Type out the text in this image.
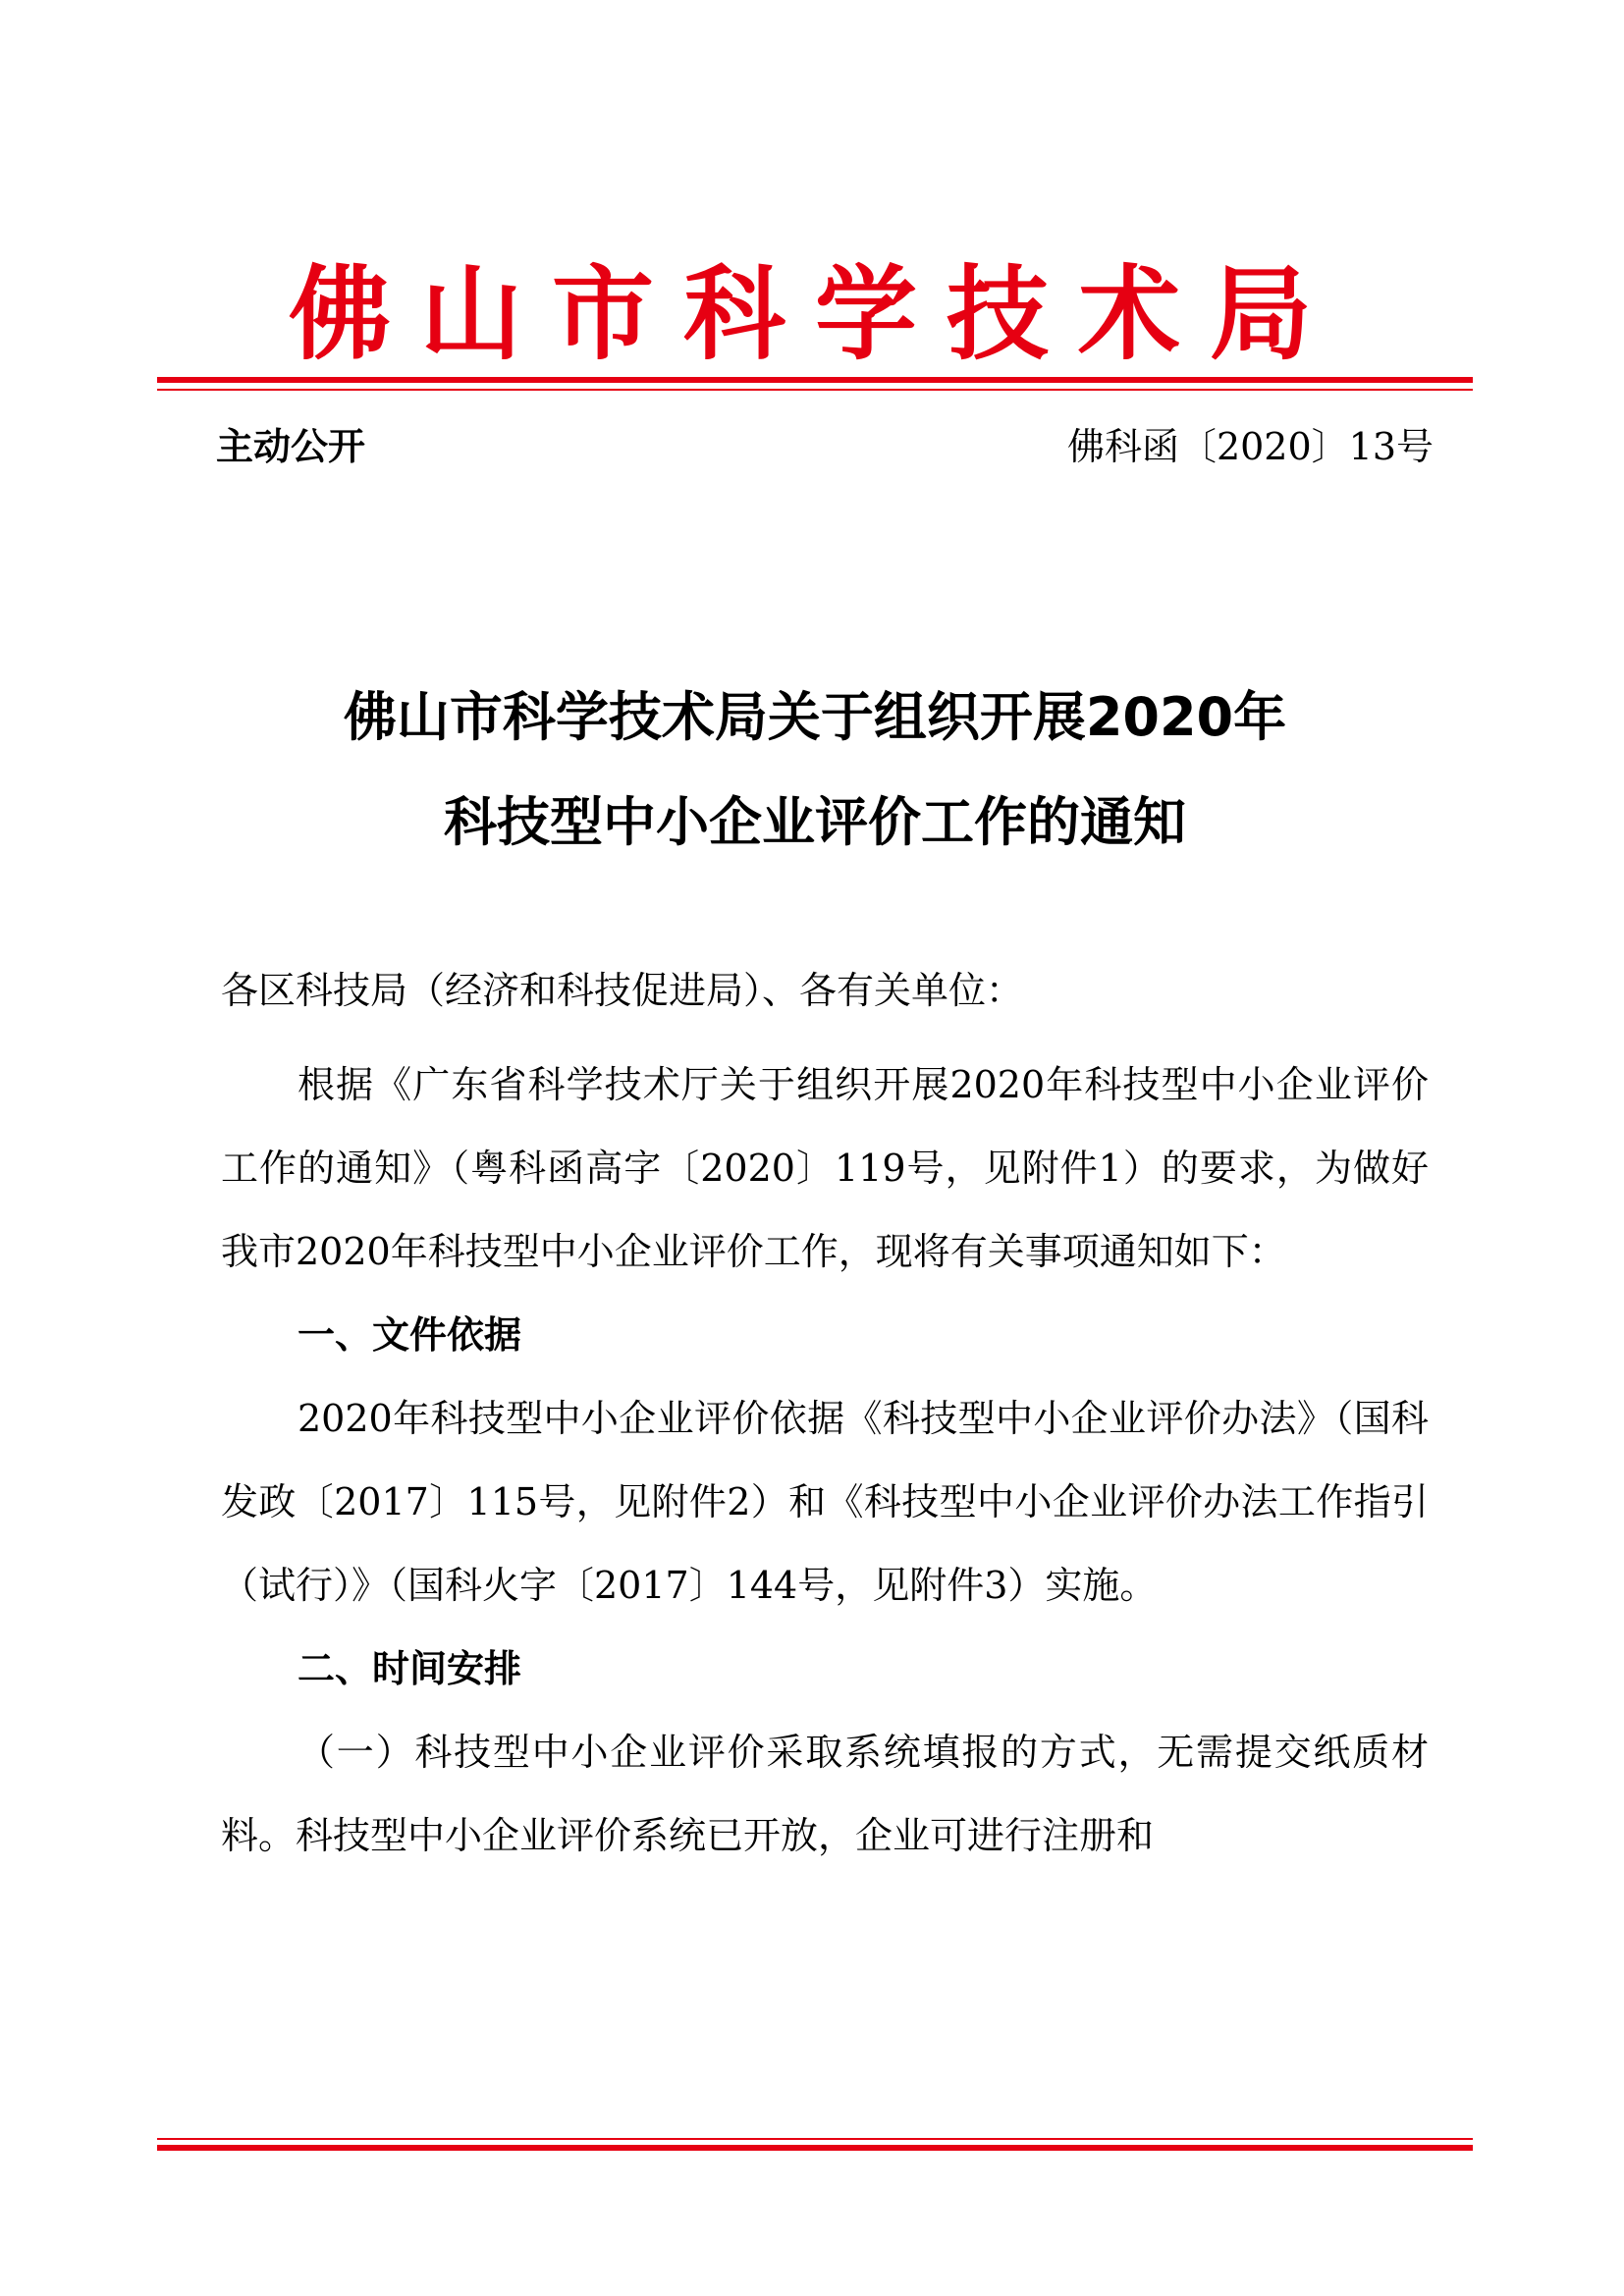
佛山市科学技术局
主动公开	佛科函〔2020〕13号
佛山市科学技术局关于组织开展2020年
科技型中小企业评价工作的通知
各区科技局（经济和科技促进局）、各有关单位：

根据《广东省科学技术厅关于组织开展2020年科技型中小企业评价工作的通知》（粤科函高字〔2020〕119号，见附件1）的要求，为做好我市2020年科技型中小企业评价工作，现将有关事项通知如下：

一、文件依据

2020年科技型中小企业评价依据《科技型中小企业评价办法》（国科发政〔2017〕115号，见附件2）和《科技型中小企业评价办法工作指引（试行）》（国科火字〔2017〕144号，见附件3）实施。

二、时间安排

（一）科技型中小企业评价采取系统填报的方式，无需提交纸质材料。科技型中小企业评价系统已开放，企业可进行注册和
